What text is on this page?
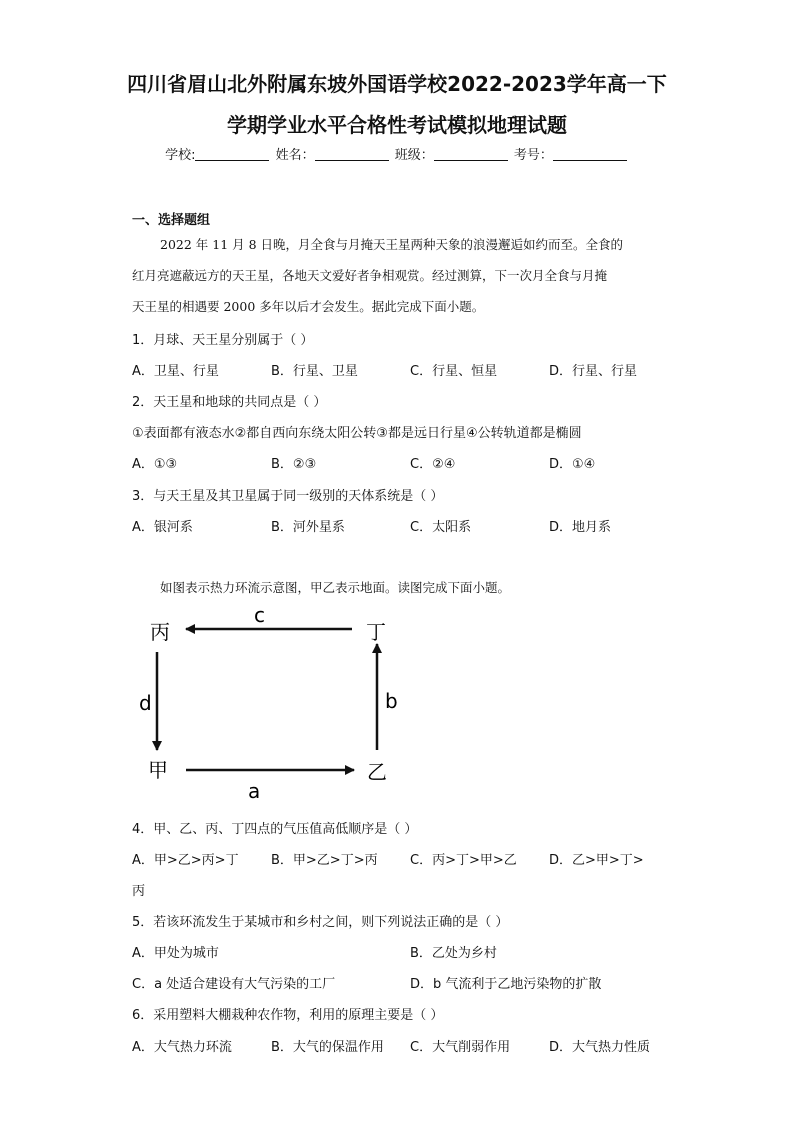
四川省眉山北外附属东坡外国语学校2022-2023学年高一下
学期学业水平合格性考试模拟地理试题
学校:	姓名：	班级：	考号：
一、选择题组
2022 年 11 月 8 日晚，月全食与月掩天王星两种天象的浪漫邂逅如约而至。全食的
红月亮遮蔽远方的天王星，各地天文爱好者争相观赏。经过测算，下一次月全食与月掩
天王星的相遇要 2000 多年以后才会发生。据此完成下面小题。
1．月球、天王星分别属于（ ）
A．卫星、行星	B．行星、卫星	C．行星、恒星	D．行星、行星
2．天王星和地球的共同点是（ ）
①表面都有液态水②都自西向东绕太阳公转③都是远日行星④公转轨道都是椭圆
A．①③	B．②③	C．②④	D．①④
3．与天王星及其卫星属于同一级别的天体系统是（ ）
A．银河系	B．河外星系	C．太阳系	D．地月系
如图表示热力环流示意图，甲乙表示地面。读图完成下面小题。
丙	丁
甲	乙
c
d	b
a
4．甲、乙、丙、丁四点的气压值高低顺序是（ ）
A．甲>乙>丙>丁 B．甲>乙>丁>丙 C．丙>丁>甲>乙 D．乙>甲>丁>
丙
5．若该环流发生于某城市和乡村之间，则下列说法正确的是（ ）
A．甲处为城市	B．乙处为乡村
C．a 处适合建设有大气污染的工厂	D．b 气流利于乙地污染物的扩散
6．采用塑料大棚栽种农作物，利用的原理主要是（ ）
A．大气热力环流	B．大气的保温作用 C．大气削弱作用	D．大气热力性质
